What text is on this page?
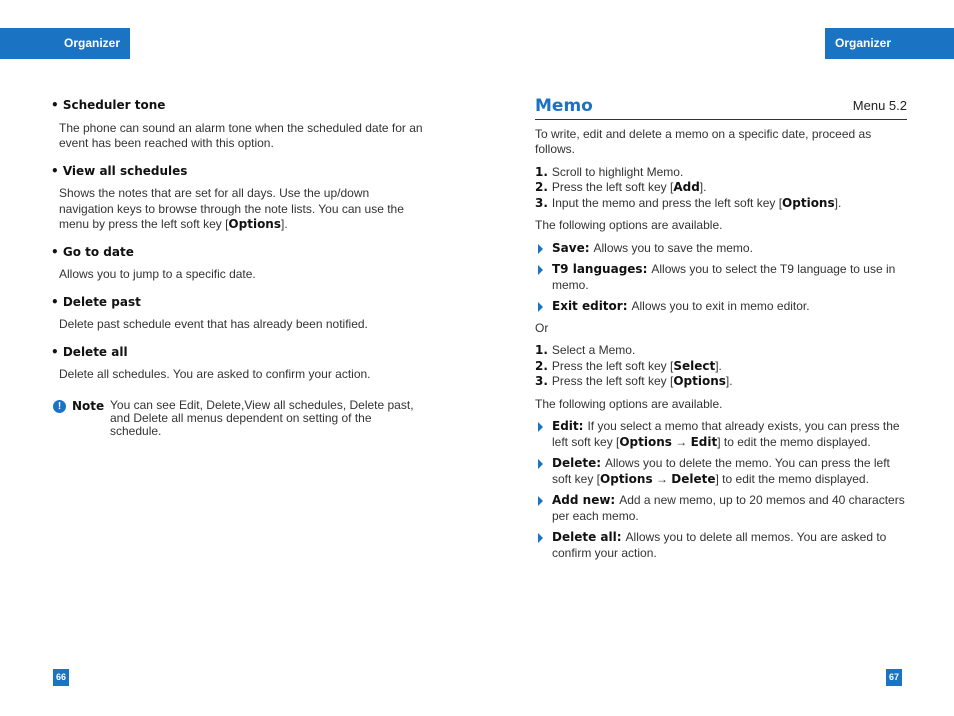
Organizer	Organizer
• Scheduler tone
The phone can sound an alarm tone when the scheduled date for an event has been reached with this option.
• View all schedules
Shows the notes that are set for all days. Use the up/down navigation keys to browse through the note lists. You can use the menu by press the left soft key [Options].
• Go to date
Allows you to jump to a specific date.
• Delete past
Delete past schedule event that has already been notified.
• Delete all
Delete all schedules. You are asked to confirm your action.
! Note You can see Edit, Delete,View all schedules, Delete past, and Delete all menus dependent on setting of the schedule.
Memo	Menu 5.2
To write, edit and delete a memo on a specific date, proceed as follows.
1. Scroll to highlight Memo.
2. Press the left soft key [Add].
3. Input the memo and press the left soft key [Options].
The following options are available.
Save: Allows you to save the memo.
T9 languages: Allows you to select the T9 language to use in memo.
Exit editor: Allows you to exit in memo editor.
Or
1. Select a Memo.
2. Press the left soft key [Select].
3. Press the left soft key [Options].
The following options are available.
Edit: If you select a memo that already exists, you can press the left soft key [Options → Edit] to edit the memo displayed.
Delete: Allows you to delete the memo. You can press the left soft key [Options → Delete] to edit the memo displayed.
Add new: Add a new memo, up to 20 memos and 40 characters per each memo.
Delete all: Allows you to delete all memos. You are asked to confirm your action.
66	67
